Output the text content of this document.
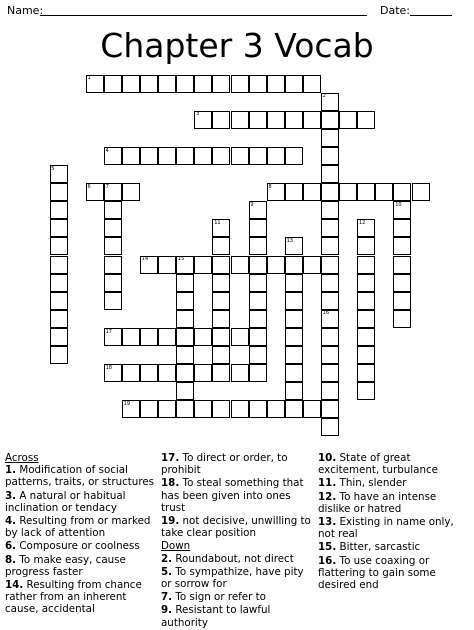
Name:	Date:
Chapter 3 Vocab
1
2
3
4
5
6	7	8
9	10
11	12
13
14	15
16
17
18
19
Across

1. Modification of social patterns, traits, or structures

3. A natural or habitual inclination or tendacy

4. Resulting from or marked by lack of attention

6. Composure or coolness

8. To make easy, cause progress faster

14. Resulting from chance rather from an inherent cause, accidental

17. To direct or order, to prohibit

18. To steal something that has been given into ones trust

19. not decisive, unwilling to take clear position

Down

2. Roundabout, not direct

5. To sympathize, have pity or sorrow for

7. To sign or refer to

9. Resistant to lawful authority

10. State of great excitement, turbulance

11. Thin, slender

12. To have an intense dislike or hatred

13. Existing in name only, not real

15. Bitter, sarcastic

16. To use coaxing or flattering to gain some desired end
